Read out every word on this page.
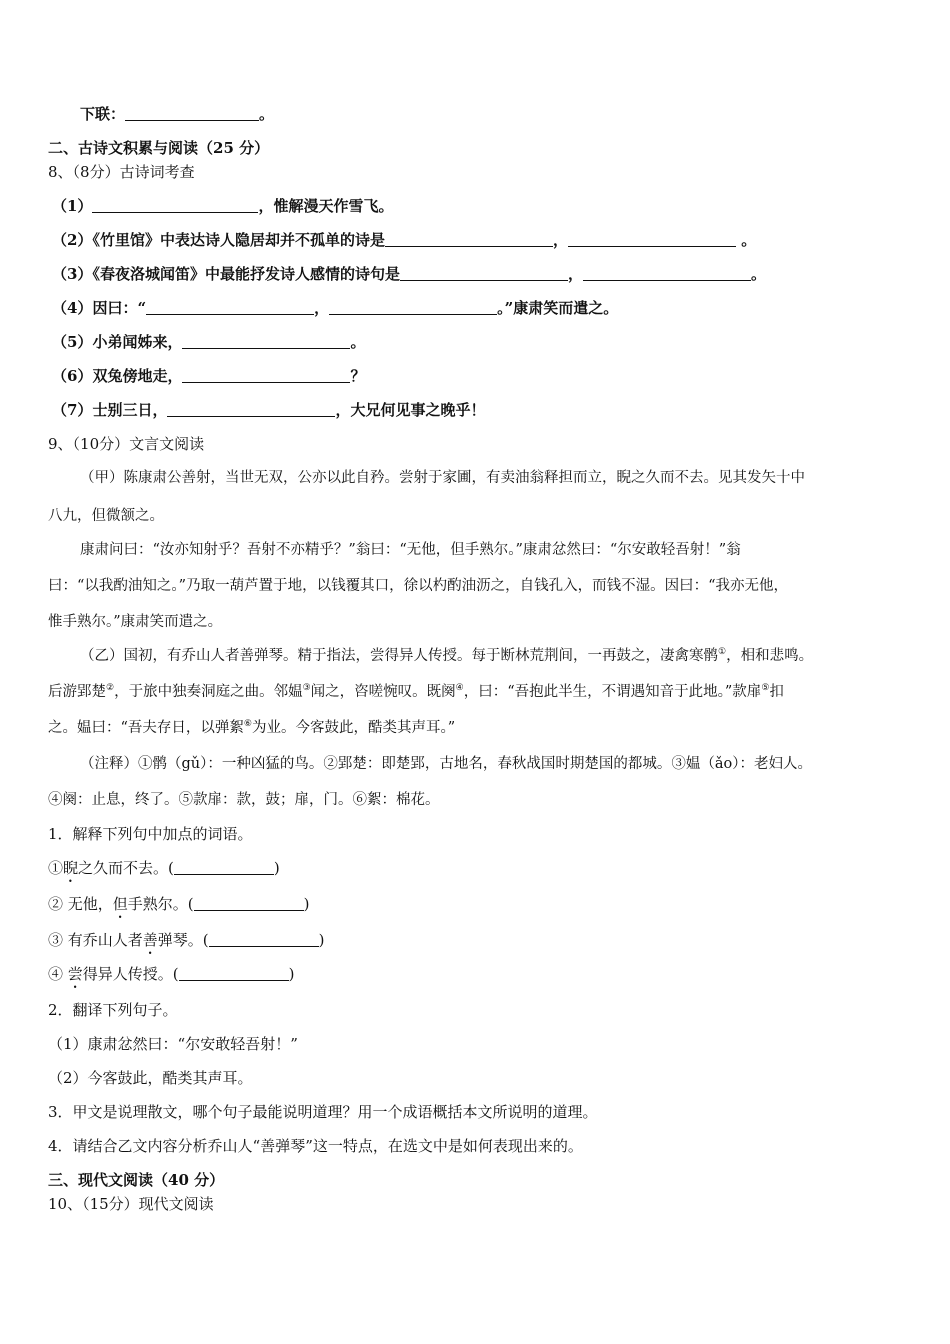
下联：	。
二、古诗文积累与阅读（25 分）
8、（8分）古诗词考查
（1）	，惟解漫天作雪飞。
（2）《竹里馆》中表达诗人隐居却并不孤单的诗是	，	。
（3）《春夜洛城闻笛》中最能抒发诗人感情的诗句是	，	。
（4）因曰：“	，	。”康肃笑而遣之。
（5）小弟闻姊来，	。
（6）双兔傍地走，	？
（7）士别三日，	，大兄何见事之晚乎！
9、（10分）文言文阅读
（甲）陈康肃公善射，当世无双，公亦以此自矜。尝射于家圃，有卖油翁释担而立，睨之久而不去。见其发矢十中
八九，但微颔之。
康肃问曰：“汝亦知射乎？吾射不亦精乎？”翁曰：“无他，但手熟尔。”康肃忿然曰：“尔安敢轻吾射！”翁
曰：“以我酌油知之。”乃取一葫芦置于地，以钱覆其口，徐以杓酌油沥之，自钱孔入，而钱不湿。因曰：“我亦无他，
惟手熟尔。”康肃笑而遣之。
（乙）国初，有乔山人者善弹琴。精于指法，尝得异人传授。每于断林荒荆间，一再鼓之，凄禽寒鹘①，相和悲鸣。
后游郢楚②，于旅中独奏洞庭之曲。邻媪③闻之，咨嗟惋叹。既阕④，曰：“吾抱此半生，不谓遇知音于此地。”款扉⑤扣
之。媪曰：“吾夫存日，以弹絮⑥为业。今客鼓此，酷类其声耳。”
（注释）①鹘（gǔ）：一种凶猛的鸟。②郢楚：即楚郢，古地名，春秋战国时期楚国的都城。③媪（ǎo）：老妇人。
④阕：止息，终了。⑤款扉：款，鼓；扉，门。⑥絮：棉花。
1．解释下列句中加点的词语。
①睨之久而不去。(	)
② 无他，但手熟尔。(	)
③ 有乔山人者善弹琴。(	)
④ 尝得异人传授。(	)
2．翻译下列句子。
（1）康肃忿然曰：“尔安敢轻吾射！”
（2）今客鼓此，酷类其声耳。
3．甲文是说理散文，哪个句子最能说明道理？用一个成语概括本文所说明的道理。
4．请结合乙文内容分析乔山人“善弹琴”这一特点，在选文中是如何表现出来的。
三、现代文阅读（40 分）
10、（15分）现代文阅读
